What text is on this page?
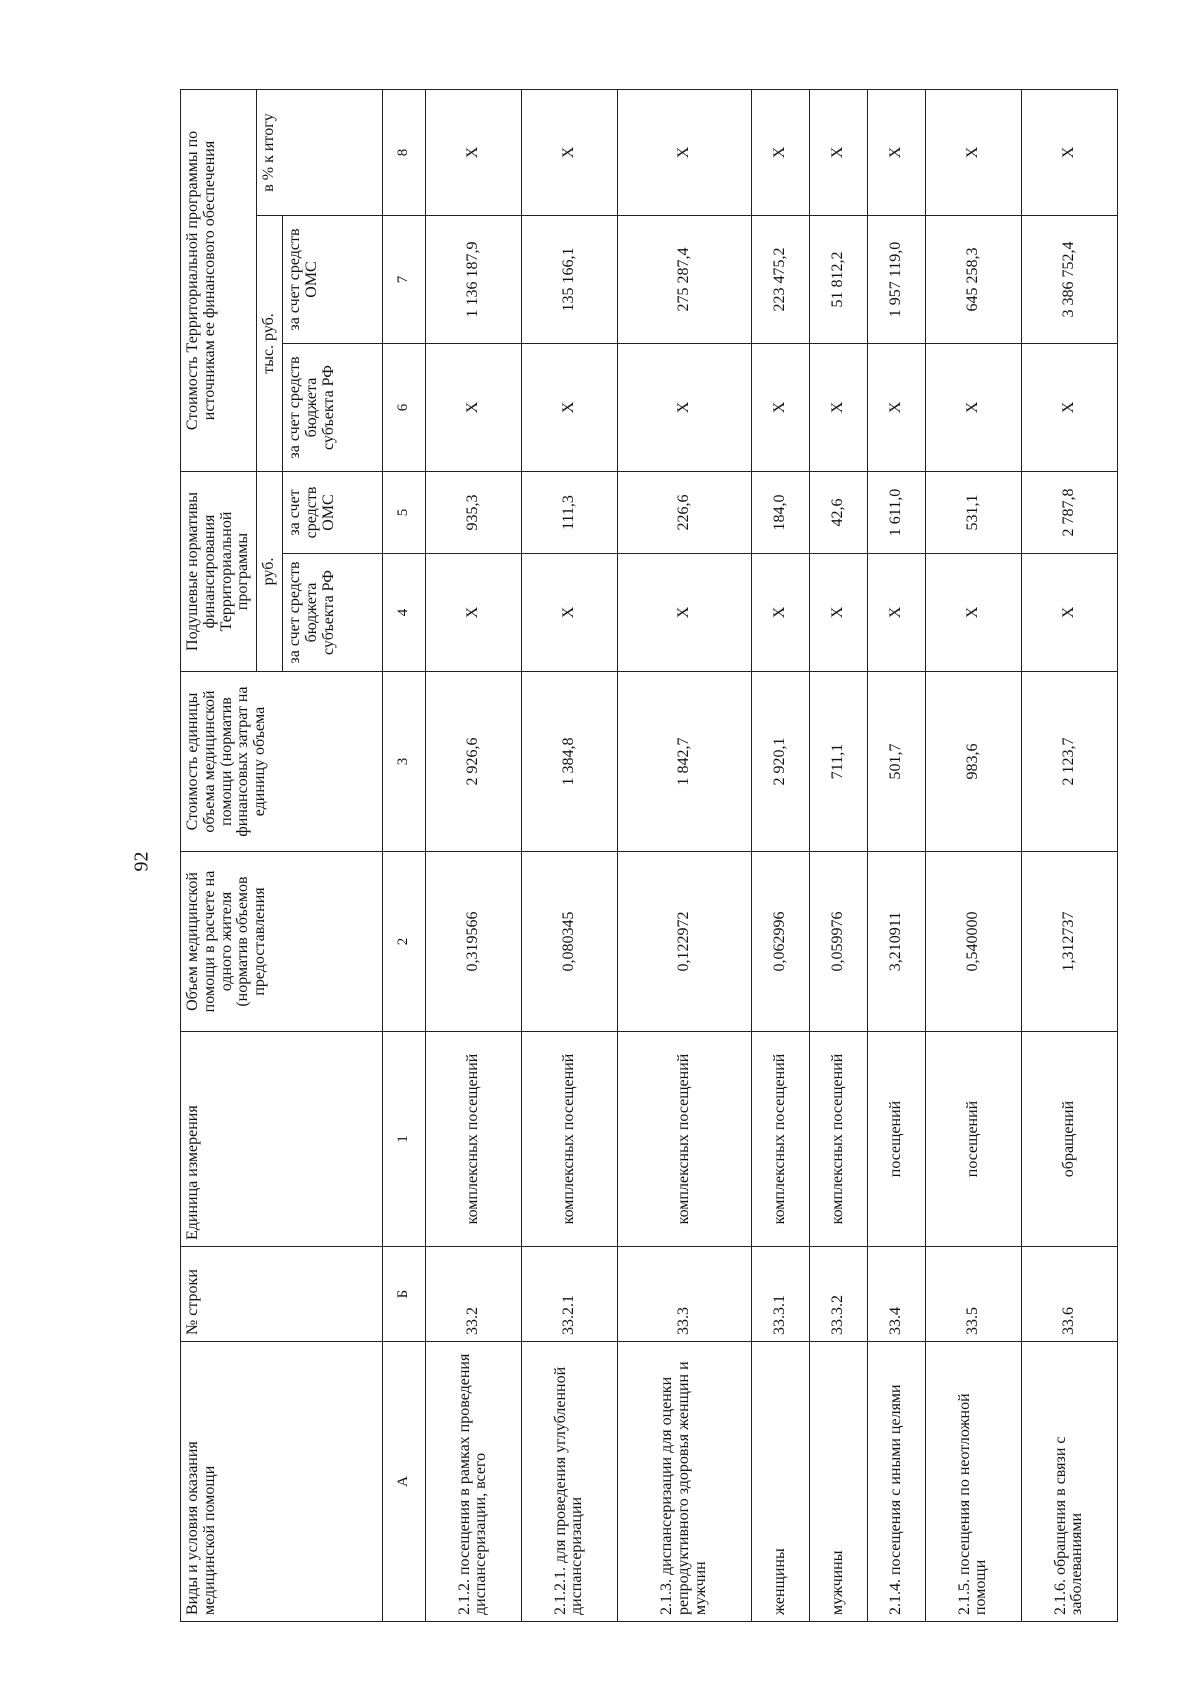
92
Виды и условия оказания медицинской помощи	№ строки	Единица измерения	Объем медицинской помощи в расчете на одного жителя (норматив объемов предоставления	Стоимость единицы объема медицинской помощи (норматив финансовых затрат на единицу объема	Подушевые нормативы финансирования Территориальной программы		Стоимость Территориальной программы по источникам ее финансового обеспечения		
					руб.		тыс. руб.		в % к итогу
					за счет средств бюджета субъекта РФ	за счет средств ОМС	за счет средств бюджета субъекта РФ	за счет средств ОМС	
А	Б	1	2	3	4	5	6	7	8
2.1.2. посещения в рамках проведения диспансеризации, всего	33.2	комплексных посещений	0,319566	2 926,6	X	935,3	X	1 136 187,9	X
2.1.2.1. для проведения углубленной диспансеризации	33.2.1	комплексных посещений	0,080345	1 384,8	X	111,3	X	135 166,1	X
2.1.3. диспансеризации для оценки репродуктивного здоровья женщин и мужчин	33.3	комплексных посещений	0,122972	1 842,7	X	226,6	X	275 287,4	X
женщины	33.3.1	комплексных посещений	0,062996	2 920,1	X	184,0	X	223 475,2	X
мужчины	33.3.2	комплексных посещений	0,059976	711,1	X	42,6	X	51 812,2	X
2.1.4. посещения с иными целями	33.4	посещений	3,210911	501,7	X	1 611,0	X	1 957 119,0	X
2.1.5. посещения по неотложной помощи	33.5	посещений	0,540000	983,6	X	531,1	X	645 258,3	X
2.1.6. обращения в связи с заболеваниями	33.6	обращений	1,312737	2 123,7	X	2 787,8	X	3 386 752,4	X
